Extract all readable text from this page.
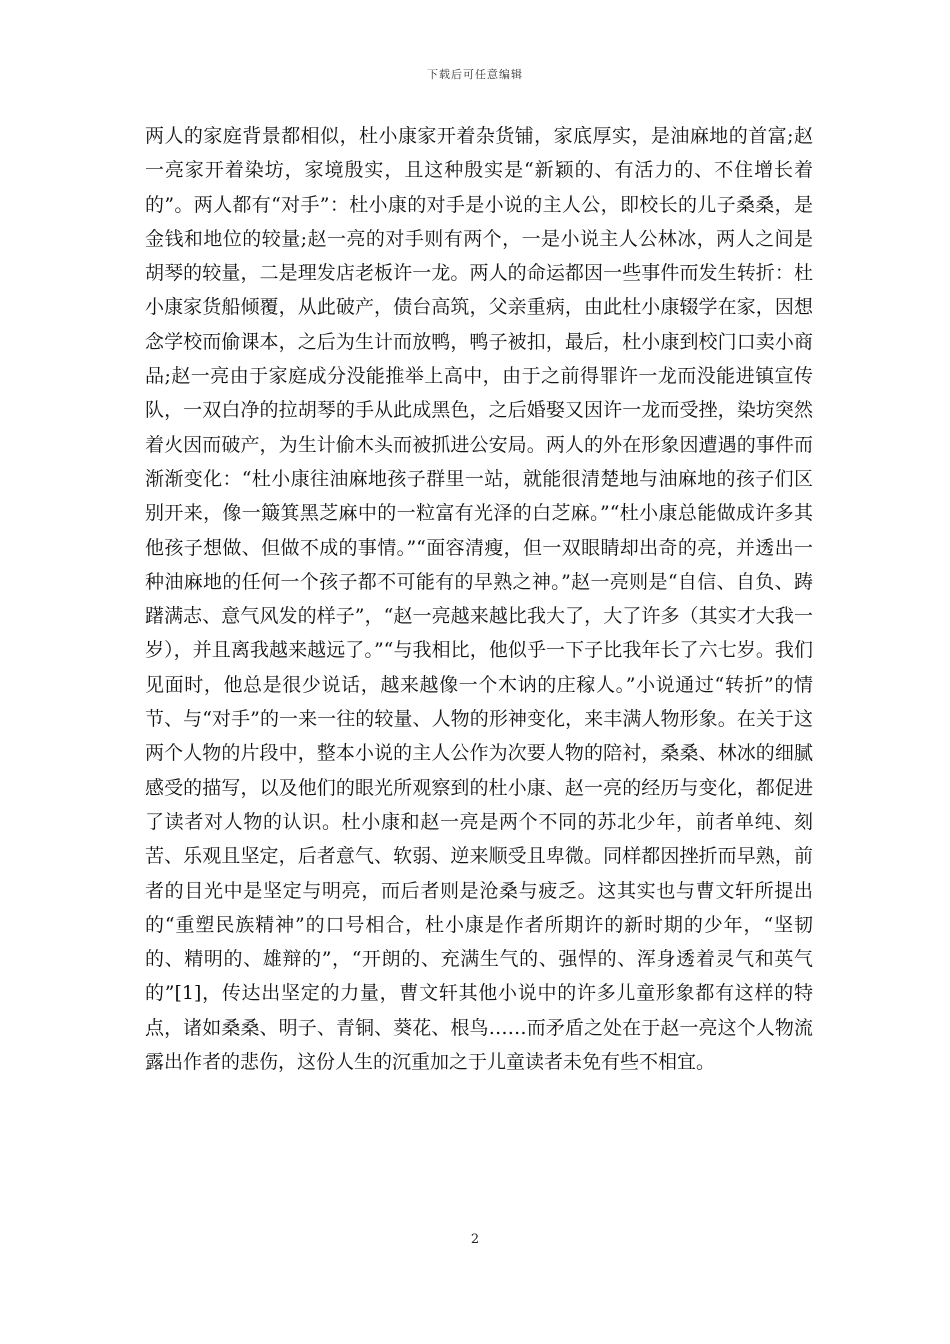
下载后可任意编辑

两人的家庭背景都相似，杜小康家开着杂货铺，家底厚实，是油麻地的首富;赵一亮家开着染坊，家境殷实，且这种殷实是“新颖的、有活力的、不住增长着的”。两人都有“对手”：杜小康的对手是小说的主人公，即校长的儿子桑桑，是金钱和地位的较量;赵一亮的对手则有两个，一是小说主人公林冰，两人之间是胡琴的较量，二是理发店老板许一龙。两人的命运都因一些事件而发生转折：杜小康家货船倾覆，从此破产，债台高筑，父亲重病，由此杜小康辍学在家，因想念学校而偷课本，之后为生计而放鸭，鸭子被扣，最后，杜小康到校门口卖小商品;赵一亮由于家庭成分没能推举上高中，由于之前得罪许一龙而没能进镇宣传队，一双白净的拉胡琴的手从此成黑色，之后婚娶又因许一龙而受挫，染坊突然着火因而破产，为生计偷木头而被抓进公安局。两人的外在形象因遭遇的事件而渐渐变化：“杜小康往油麻地孩子群里一站，就能很清楚地与油麻地的孩子们区别开来，像一簸箕黑芝麻中的一粒富有光泽的白芝麻。”“杜小康总能做成许多其他孩子想做、但做不成的事情。”“面容清瘦，但一双眼睛却出奇的亮，并透出一种油麻地的任何一个孩子都不可能有的早熟之神。”赵一亮则是“自信、自负、踌躇满志、意气风发的样子”，“赵一亮越来越比我大了，大了许多（其实才大我一岁），并且离我越来越远了。”“与我相比，他似乎一下子比我年长了六七岁。我们见面时，他总是很少说话，越来越像一个木讷的庄稼人。”小说通过“转折”的情节、与“对手”的一来一往的较量、人物的形神变化，来丰满人物形象。在关于这两个人物的片段中，整本小说的主人公作为次要人物的陪衬，桑桑、林冰的细腻感受的描写，以及他们的眼光所观察到的杜小康、赵一亮的经历与变化，都促进了读者对人物的认识。杜小康和赵一亮是两个不同的苏北少年，前者单纯、刻苦、乐观且坚定，后者意气、软弱、逆来顺受且卑微。同样都因挫折而早熟，前者的目光中是坚定与明亮，而后者则是沧桑与疲乏。这其实也与曹文轩所提出的“重塑民族精神”的口号相合，杜小康是作者所期许的新时期的少年，“坚韧的、精明的、雄辩的”，“开朗的、充满生气的、强悍的、浑身透着灵气和英气的”[1]，传达出坚定的力量，曹文轩其他小说中的许多儿童形象都有这样的特点，诸如桑桑、明子、青铜、葵花、根鸟……而矛盾之处在于赵一亮这个人物流露出作者的悲伤，这份人生的沉重加之于儿童读者未免有些不相宜。

2
